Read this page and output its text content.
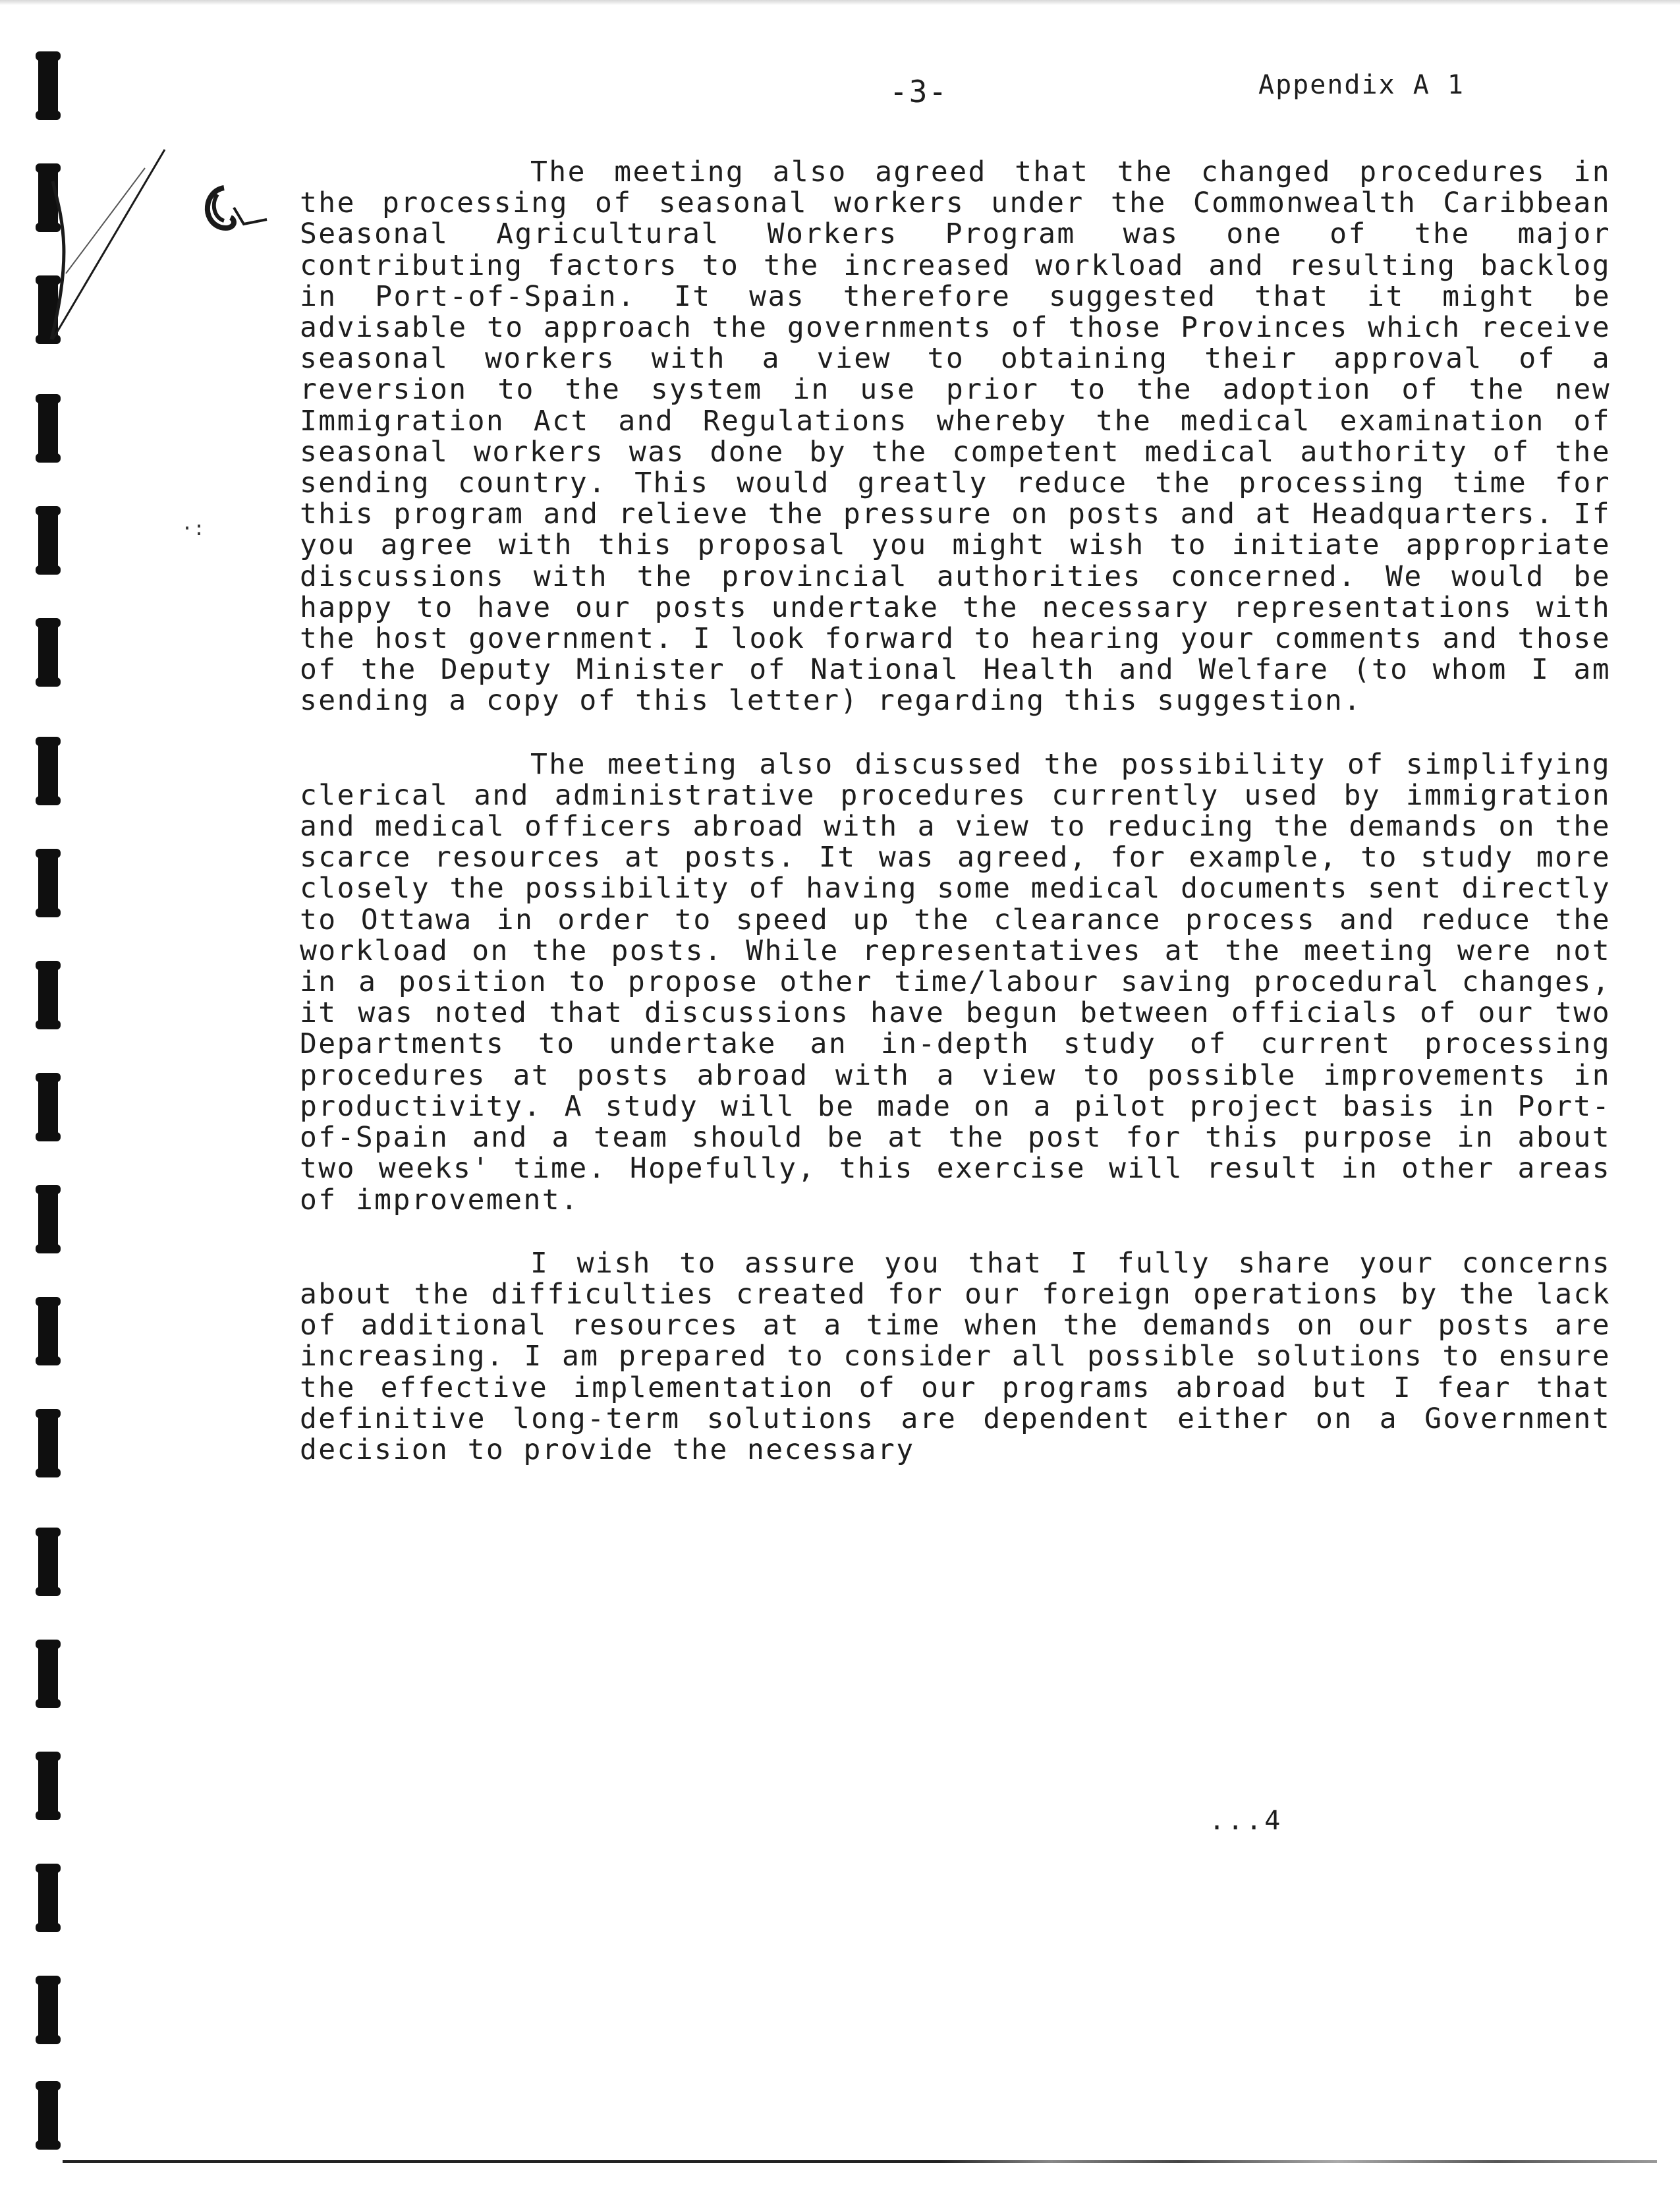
·:
-3-	Appendix A 1

The meeting also agreed that the changed procedures in the processing of seasonal workers under the Commonwealth Caribbean Seasonal Agricultural Workers Program was one of the major contributing factors to the increased workload and resulting backlog in Port-of-Spain. It was therefore suggested that it might be advisable to approach the governments of those Provinces which receive seasonal workers with a view to obtaining their approval of a reversion to the system in use prior to the adoption of the new Immigration Act and Regulations whereby the medical examination of seasonal workers was done by the competent medical authority of the sending country. This would greatly reduce the processing time for this program and relieve the pressure on posts and at Headquarters. If you agree with this proposal you might wish to initiate appropriate discussions with the provincial authorities concerned. We would be happy to have our posts undertake the necessary representations with the host government. I look forward to hearing your comments and those of the Deputy Minister of National Health and Welfare (to whom I am sending a copy of this letter) regarding this suggestion.

The meeting also discussed the possibility of simplifying clerical and administrative procedures currently used by immigration and medical officers abroad with a view to reducing the demands on the scarce resources at posts. It was agreed, for example, to study more closely the possibility of having some medical documents sent directly to Ottawa in order to speed up the clearance process and reduce the workload on the posts. While representatives at the meeting were not in a position to propose other time/labour saving procedural changes, it was noted that discussions have begun between officials of our two Departments to undertake an in-depth study of current processing procedures at posts abroad with a view to possible improvements in productivity. A study will be made on a pilot project basis in Port-of-Spain and a team should be at the post for this purpose in about two weeks' time. Hopefully, this exercise will result in other areas of improvement.

I wish to assure you that I fully share your concerns about the difficulties created for our foreign operations by the lack of additional resources at a time when the demands on our posts are increasing. I am prepared to consider all possible solutions to ensure the effective implementation of our programs abroad but I fear that definitive long-term solutions are dependent either on a Government decision to provide the necessary

...4
